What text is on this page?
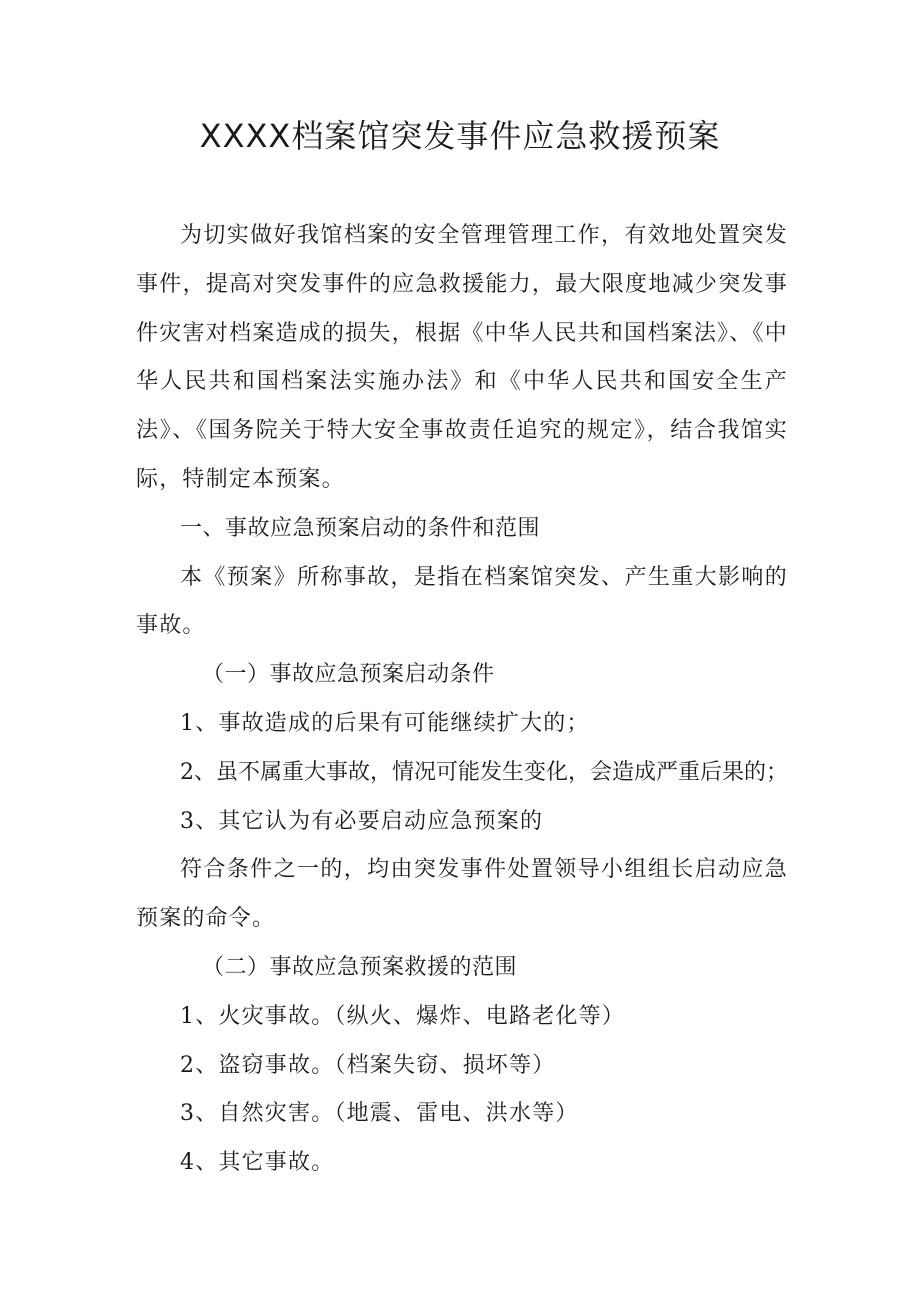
XXXX档案馆突发事件应急救援预案

为切实做好我馆档案的安全管理管理工作，有效地处置突发事件，提高对突发事件的应急救援能力，最大限度地减少突发事件灾害对档案造成的损失，根据《中华人民共和国档案法》、《中华人民共和国档案法实施办法》和《中华人民共和国安全生产法》、《国务院关于特大安全事故责任追究的规定》，结合我馆实际，特制定本预案。

一、事故应急预案启动的条件和范围

本《预案》所称事故，是指在档案馆突发、产生重大影响的事故。

（一）事故应急预案启动条件

1、事故造成的后果有可能继续扩大的；

2、虽不属重大事故，情况可能发生变化，会造成严重后果的；

3、其它认为有必要启动应急预案的

符合条件之一的，均由突发事件处置领导小组组长启动应急预案的命令。

（二）事故应急预案救援的范围

1、火灾事故。（纵火、爆炸、电路老化等）

2、盗窃事故。（档案失窃、损坏等）

3、自然灾害。（地震、雷电、洪水等）

4、其它事故。
